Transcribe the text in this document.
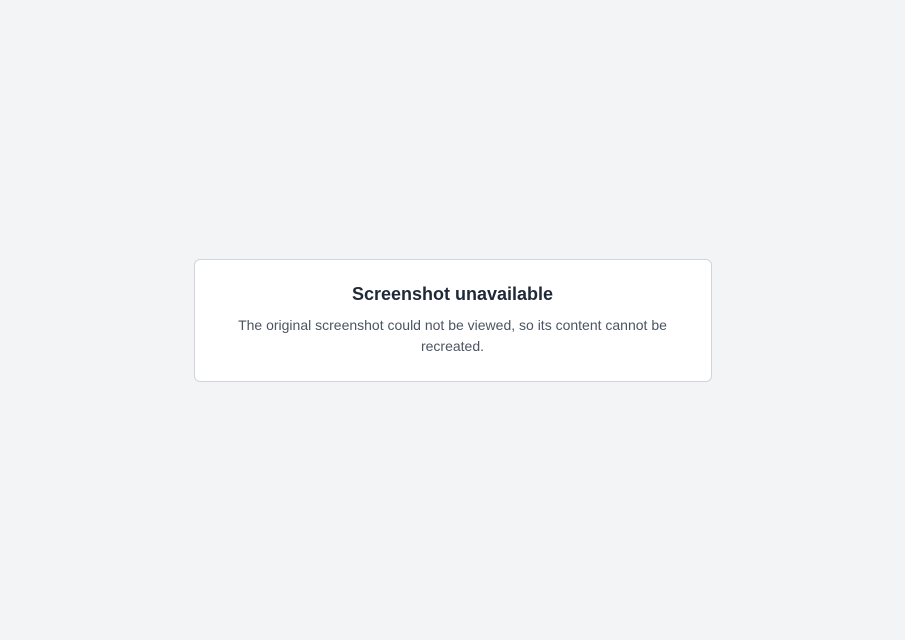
Screenshot unavailable

The original screenshot could not be viewed, so its content cannot be recreated.
